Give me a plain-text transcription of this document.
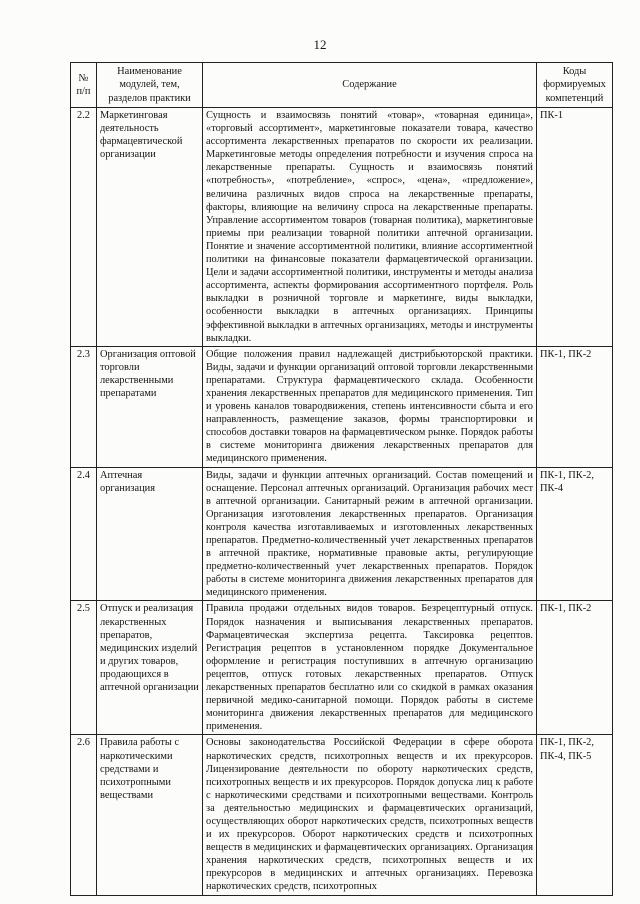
12
№ п/п	Наименование модулей, тем, разделов практики	Содержание	Коды формируемых компетенций
2.2	Маркетинговая деятельность фармацевтической организации	Сущность и взаимосвязь понятий «товар», «товарная единица», «торговый ассортимент», маркетинговые показатели товара, качество ассортимента лекарственных препаратов по скорости их реализации. Маркетинговые методы определения потребности и изучения спроса на лекарственные препараты. Сущность и взаимосвязь понятий «потребность», «потребление», «спрос», «цена», «предложение», величина различных видов спроса на лекарственные препараты, факторы, влияющие на величину спроса на лекарственные препараты. Управление ассортиментом товаров (товарная политика), маркетинговые приемы при реализации товарной политики аптечной организации. Понятие и значение ассортиментной политики, влияние ассортиментной политики на финансовые показатели фармацевтической организации. Цели и задачи ассортиментной политики, инструменты и методы анализа ассортимента, аспекты формирования ассортиментного портфеля. Роль выкладки в розничной торговле и маркетинге, виды выкладки, особенности выкладки в аптечных организациях. Принципы эффективной выкладки в аптечных организациях, методы и инструменты выкладки.	ПК-1
2.3	Организация оптовой торговли лекарственными препаратами	Общие положения правил надлежащей дистрибьюторской практики. Виды, задачи и функции организаций оптовой торговли лекарственными препаратами. Структура фармацевтического склада. Особенности хранения лекарственных препаратов для медицинского применения. Тип и уровень каналов товародвижения, степень интенсивности сбыта и его направленность, размещение заказов, формы транспортировки и способов доставки товаров на фармацевтическом рынке. Порядок работы в системе мониторинга движения лекарственных препаратов для медицинского применения.	ПК-1, ПК-2
2.4	Аптечная организация	Виды, задачи и функции аптечных организаций. Состав помещений и оснащение. Персонал аптечных организаций. Организация рабочих мест в аптечной организации. Санитарный режим в аптечной организации. Организация изготовления лекарственных препаратов. Организация контроля качества изготавливаемых и изготовленных лекарственных препаратов. Предметно-количественный учет лекарственных препаратов в аптечной практике, нормативные правовые акты, регулирующие предметно-количественный учет лекарственных препаратов. Порядок работы в системе мониторинга движения лекарственных препаратов для медицинского применения.	ПК-1, ПК-2, ПК-4
2.5	Отпуск и реализация лекарственных препаратов, медицинских изделий и других товаров, продающихся в аптечной организации	Правила продажи отдельных видов товаров. Безрецептурный отпуск. Порядок назначения и выписывания лекарственных препаратов. Фармацевтическая экспертиза рецепта. Таксировка рецептов. Регистрация рецептов в установленном порядке Документальное оформление и регистрация поступивших в аптечную организацию рецептов, отпуск готовых лекарственных препаратов. Отпуск лекарственных препаратов бесплатно или со скидкой в рамках оказания первичной медико-санитарной помощи. Порядок работы в системе мониторинга движения лекарственных препаратов для медицинского применения.	ПК-1, ПК-2
2.6	Правила работы с наркотическими средствами и психотропными веществами	Основы законодательства Российской Федерации в сфере оборота наркотических средств, психотропных веществ и их прекурсоров. Лицензирование деятельности по обороту наркотических средств, психотропных веществ и их прекурсоров. Порядок допуска лиц к работе с наркотическими средствами и психотропными веществами. Контроль за деятельностью медицинских и фармацевтических организаций, осуществляющих оборот наркотических средств, психотропных веществ и их прекурсоров. Оборот наркотических средств и психотропных веществ в медицинских и фармацевтических организациях. Организация хранения наркотических средств, психотропных веществ и их прекурсоров в медицинских и аптечных организациях. Перевозка наркотических средств, психотропных	ПК-1, ПК-2, ПК-4, ПК-5
